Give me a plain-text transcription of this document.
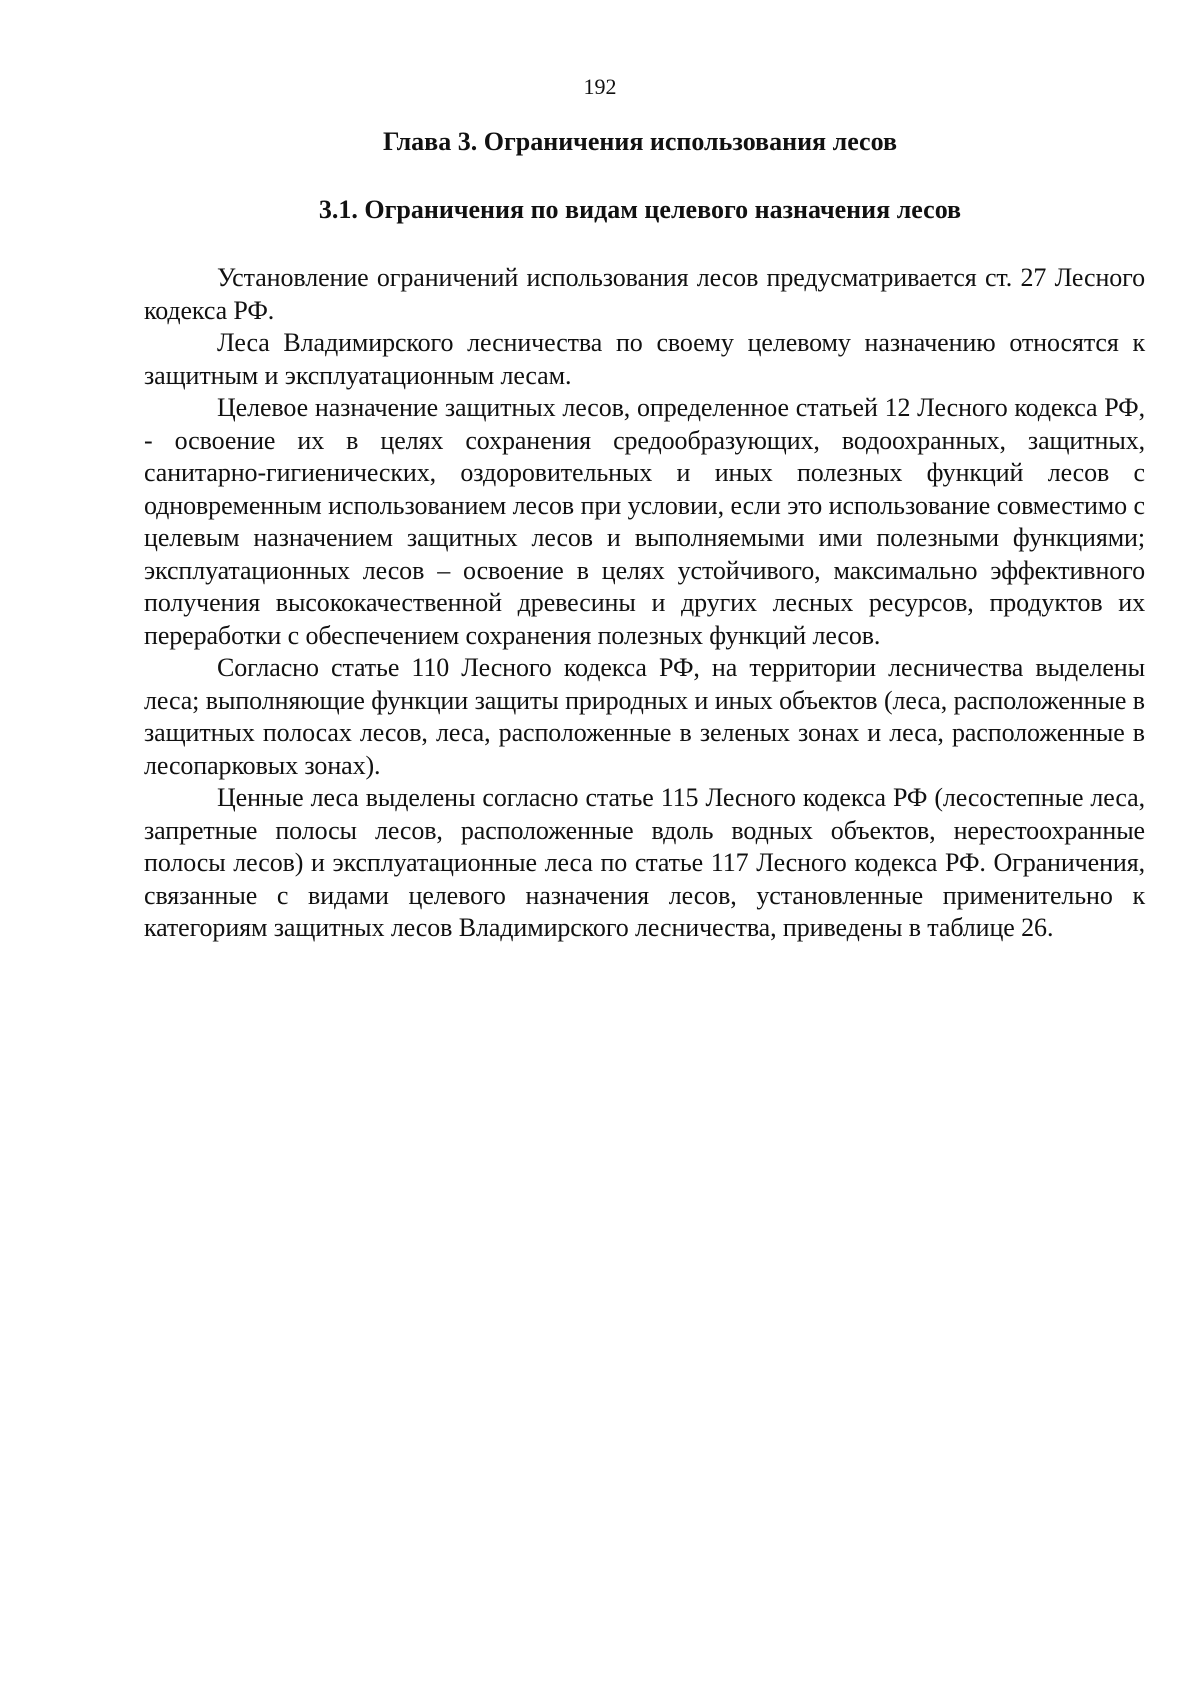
192
Глава 3. Ограничения использования лесов
3.1. Ограничения по видам целевого назначения лесов

Установление ограничений использования лесов предусматривается ст. 27 Лесного кодекса РФ.

Леса Владимирского лесничества по своему целевому назначению относятся к защитным и эксплуатационным лесам.

Целевое назначение защитных лесов, определенное статьей 12 Лесного кодекса РФ, - освоение их в целях сохранения средообразующих, водоохранных, защитных, санитарно-гигиенических, оздоровительных и иных полезных функций лесов с одновременным использованием лесов при условии, если это использование совместимо с целевым назначением защитных лесов и выполняемыми ими полезными функциями; эксплуатационных лесов – освоение в целях устойчивого, максимально эффективного получения высококачественной древесины и других лесных ресурсов, продуктов их переработки с обеспечением сохранения полезных функций лесов.

Согласно статье 110 Лесного кодекса РФ, на территории лесничества выделены леса; выполняющие функции защиты природных и иных объектов (леса, расположенные в защитных полосах лесов, леса, расположенные в зеленых зонах и леса, расположенные в лесопарковых зонах).

Ценные леса выделены согласно статье 115 Лесного кодекса РФ (лесостепные леса, запретные полосы лесов, расположенные вдоль водных объектов, нерестоохранные полосы лесов) и эксплуатационные леса по статье 117 Лесного кодекса РФ. Ограничения, связанные с видами целевого назначения лесов, установленные применительно к категориям защитных лесов Владимирского лесничества, приведены в таблице 26.
